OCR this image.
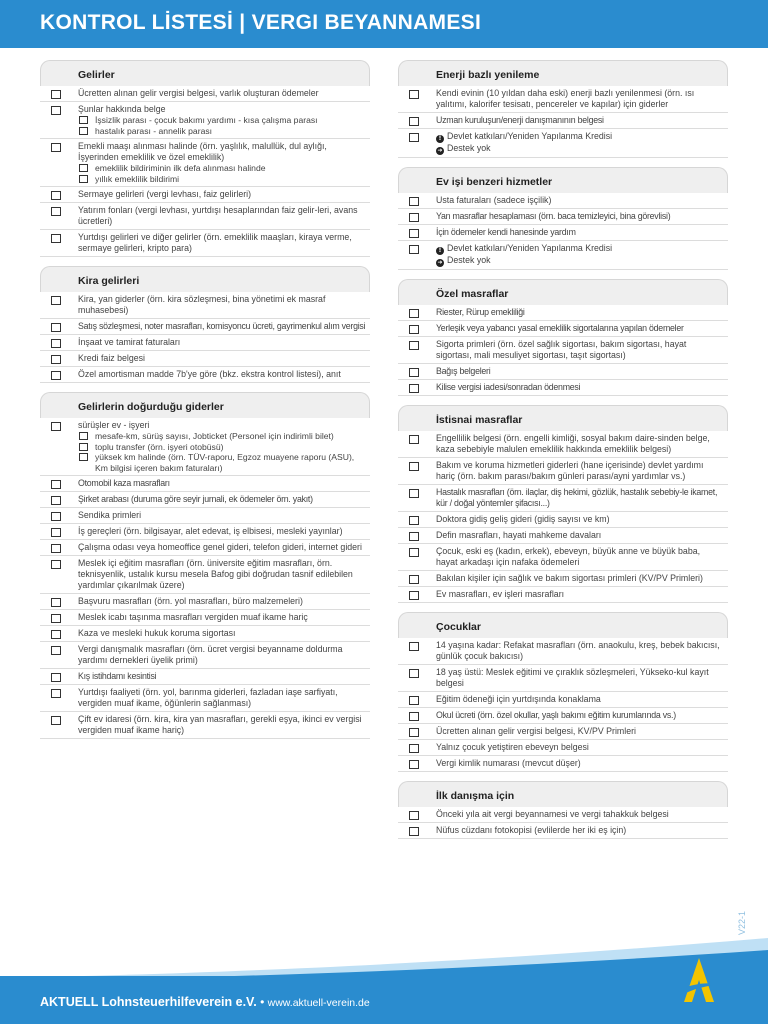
KONTROL LİSTESİ | VERGI BEYANNAMESI
Gelirler
Ücretten alınan gelir vergisi belgesi, varlık oluşturan ödemeler
Şunlar hakkında belge
İşsizlik parası - çocuk bakımı yardımı - kısa çalışma parası
hastalık parası - annelik parası
Emekli maaşı alınması halinde (örn. yaşlılık, malullük, dul aylığı, İşyerinden emeklilik ve özel emeklilik)
emeklilik bildiriminin ilk defa alınması halinde
yıllık emeklilik bildirimi
Sermaye gelirleri (vergi levhası, faiz gelirleri)
Yatırım fonları (vergi levhası, yurtdışı hesaplarından faiz gelir-leri, avans ücretleri)
Yurtdışı gelirleri ve diğer gelirler (örn. emeklilik maaşları, kiraya verme, sermaye gelirleri, kripto para)
Kira gelirleri
Kira, yan giderler (örn. kira sözleşmesi, bina yönetimi ek masraf muhasebesi)
Satış sözleşmesi, noter masrafları, komisyoncu ücreti, gayrimenkul alım vergisi
İnşaat ve tamirat faturaları
Kredi faiz belgesi
Özel amortisman madde 7b'ye göre (bkz. ekstra kontrol listesi), anıt
Gelirlerin doğurduğu giderler
sürüşler ev - işyeri
mesafe-km, sürüş sayısı, Jobticket (Personel için indirimli bilet)
toplu transfer (örn. işyeri otobüsü)
yüksek km halinde (örn. TÜV-raporu, Egzoz muayene raporu (ASU), Km bilgisi içeren bakım faturaları)
Otomobil kaza masrafları
Şirket arabası (duruma göre seyir jurnali, ek ödemeler örn. yakıt)
Sendika primleri
İş gereçleri (örn. bilgisayar, alet edevat, iş elbisesi, mesleki yayınlar)
Çalışma odası veya homeoffice genel gideri, telefon gideri, internet gideri
Meslek içi eğitim masrafları (örn. üniversite eğitim masrafları, örn. teknisyenlik, ustalık kursu mesela Bafog gibi doğrudan tasnif edilebilen yardımlar çıkarılmak üzere)
Başvuru masrafları (örn. yol masrafları, büro malzemeleri)
Meslek icabı taşınma masrafları vergiden muaf ikame hariç
Kaza ve mesleki hukuk koruma sigortası
Vergi danışmalık masrafları (örn. ücret vergisi beyanname doldurma yardımı dernekleri üyelik primi)
Kış istihdamı kesintisi
Yurtdışı faaliyeti (örn. yol, barınma giderleri, fazladan iaşe sarfiyatı, vergiden muaf ikame, öğünlerin sağlanması)
Çift ev idaresi (örn. kira, kira yan masrafları, gerekli eşya, ikinci ev vergisi vergiden muaf ikame hariç)
Enerji bazlı yenileme
Kendi evinin (10 yıldan daha eski) enerji bazlı yenilenmesi (örn. ısı yalıtımı, kalorifer tesisatı, pencereler ve kapılar) için giderler
Uzman kuruluşun/enerji danışmanının belgesi
! Devlet katkıları/Yeniden Yapılanma Kredisi
➜ Destek yok
Ev işi benzeri hizmetler
Usta faturaları (sadece işçilik)
Yan masraflar hesaplaması (örn. baca temizleyici, bina görevlisi)
İçin ödemeler kendi hanesinde yardım
! Devlet katkıları/Yeniden Yapılanma Kredisi
➜ Destek yok
Özel masraflar
Riester, Rürup emekliliği
Yerleşik veya yabancı yasal emeklilik sigortalarına yapılan ödemeler
Sigorta primleri (örn. özel sağlık sigortası, bakım sigortası, hayat sigortası, mali mesuliyet sigortası, taşıt sigortası)
Bağış belgeleri
Kilise vergisi iadesi/sonradan ödenmesi
İstisnai masraflar
Engellilik belgesi (örn. engelli kimliği, sosyal bakım daire-sinden belge, kaza sebebiyle malulen emeklilik hakkında emeklilik belgesi)
Bakım ve koruma hizmetleri giderleri (hane içerisinde) devlet yardımı hariç (örn. bakım parası/bakım günleri parası/ayni yardımlar vs.)
Hastalık masrafları (örn. ilaçlar, diş hekimi, gözlük, hastalık sebebiy-le ikamet, kür / doğal yöntemler şifacısı...)
Doktora gidiş geliş gideri (gidiş sayısı ve km)
Defin masrafları, hayati mahkeme davaları
Çocuk, eski eş (kadın, erkek), ebeveyn, büyük anne ve büyük baba, hayat arkadaşı için nafaka ödemeleri
Bakılan kişiler için sağlık ve bakım sigortası primleri (KV/PV Primleri)
Ev masrafları, ev işleri masrafları
Çocuklar
14 yaşına kadar: Refakat masrafları (örn. anaokulu, kreş, bebek bakıcısı, günlük çocuk bakıcısı)
18 yaş üstü: Meslek eğitimi ve çıraklık sözleşmeleri, Yükseko-kul kayıt belgesi
Eğitim ödeneği için yurtdışında konaklama
Okul ücreti (örn. özel okullar, yaşlı bakımı eğitim kurumlarında vs.)
Ücretten alınan gelir vergisi belgesi, KV/PV Primleri
Yalnız çocuk yetiştiren ebeveyn belgesi
Vergi kimlik numarası (mevcut düşer)
İlk danışma için
Önceki yıla ait vergi beyannamesi ve vergi tahakkuk belgesi
Nüfus cüzdanı fotokopisi (evlilerde her iki eş için)
AKTUELL Lohnsteuerhilfeverein e.V. • www.aktuell-verein.de
V22-1
